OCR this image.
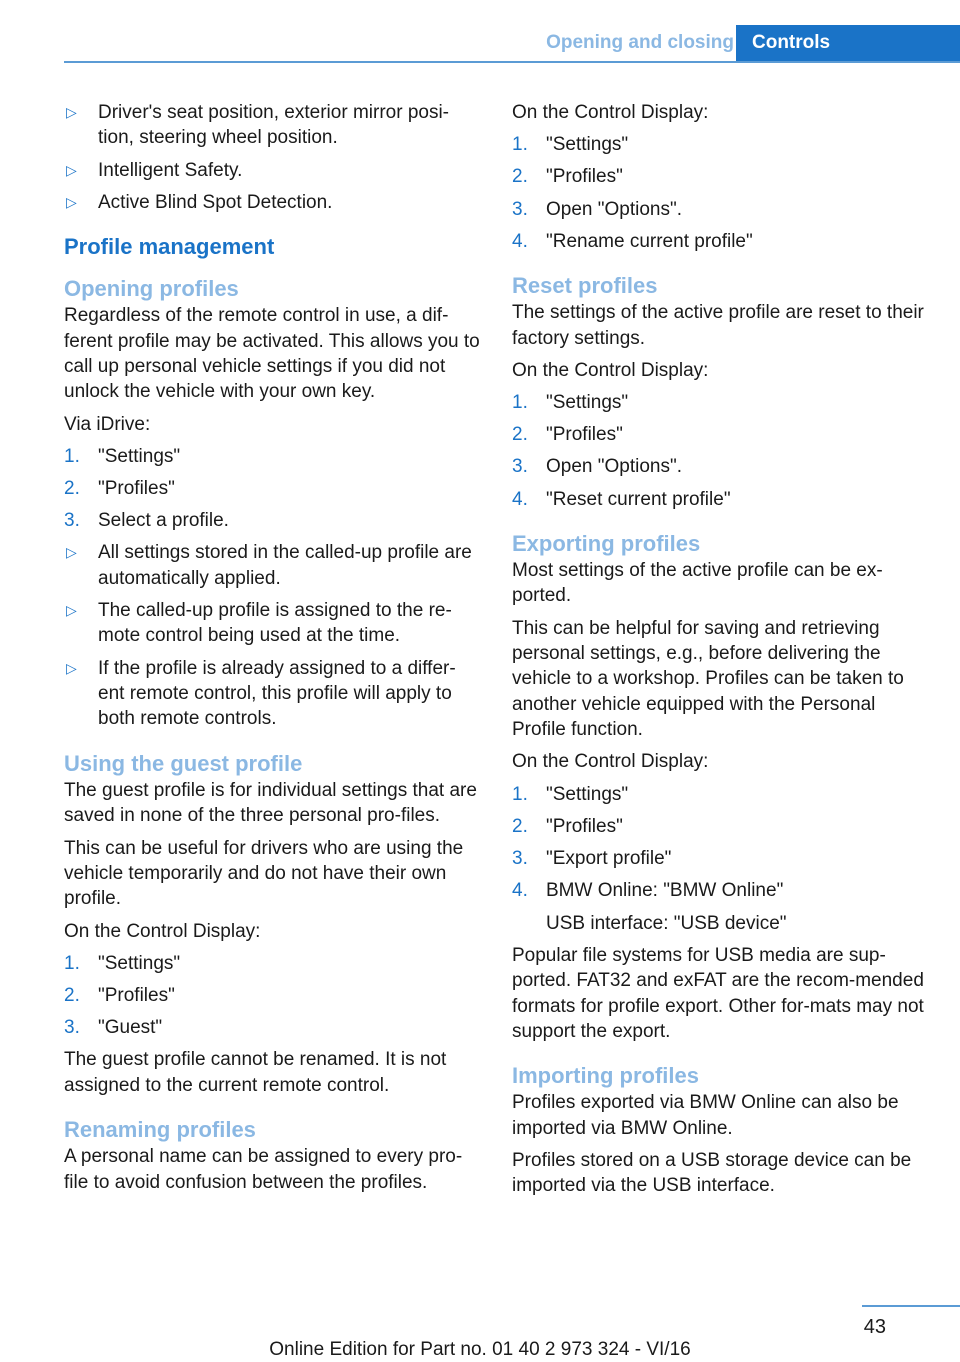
Opening and closing Controls
▷ Driver's seat position, exterior mirror posi-tion, steering wheel position.
▷ Intelligent Safety.
▷ Active Blind Spot Detection.
Profile management
Opening profiles

Regardless of the remote control in use, a dif-ferent profile may be activated. This allows you to call up personal vehicle settings if you did not unlock the vehicle with your own key.

Via iDrive:

1. "Settings"
2. "Profiles"
3. Select a profile.
▷ All settings stored in the called-up profile are automatically applied.
▷ The called-up profile is assigned to the re-mote control being used at the time.
▷ If the profile is already assigned to a differ-ent remote control, this profile will apply to both remote controls.
Using the guest profile

The guest profile is for individual settings that are saved in none of the three personal pro-files.

This can be useful for drivers who are using the vehicle temporarily and do not have their own profile.

On the Control Display:

1. "Settings"
2. "Profiles"
3. "Guest"

The guest profile cannot be renamed. It is not assigned to the current remote control.

Renaming profiles

A personal name can be assigned to every pro-file to avoid confusion between the profiles.

On the Control Display:

1. "Settings"
2. "Profiles"
3. Open "Options".
4. "Rename current profile"
Reset profiles

The settings of the active profile are reset to their factory settings.

On the Control Display:

1. "Settings"
2. "Profiles"
3. Open "Options".
4. "Reset current profile"
Exporting profiles

Most settings of the active profile can be ex-ported.

This can be helpful for saving and retrieving personal settings, e.g., before delivering the vehicle to a workshop. Profiles can be taken to another vehicle equipped with the Personal Profile function.

On the Control Display:

1. "Settings"
2. "Profiles"
3. "Export profile"
4. BMW Online: "BMW Online"

USB interface: "USB device"

Popular file systems for USB media are sup-ported. FAT32 and exFAT are the recom-mended formats for profile export. Other for-mats may not support the export.

Importing profiles

Profiles exported via BMW Online can also be imported via BMW Online.

Profiles stored on a USB storage device can be imported via the USB interface.

43
Online Edition for Part no. 01 40 2 973 324 - VI/16
